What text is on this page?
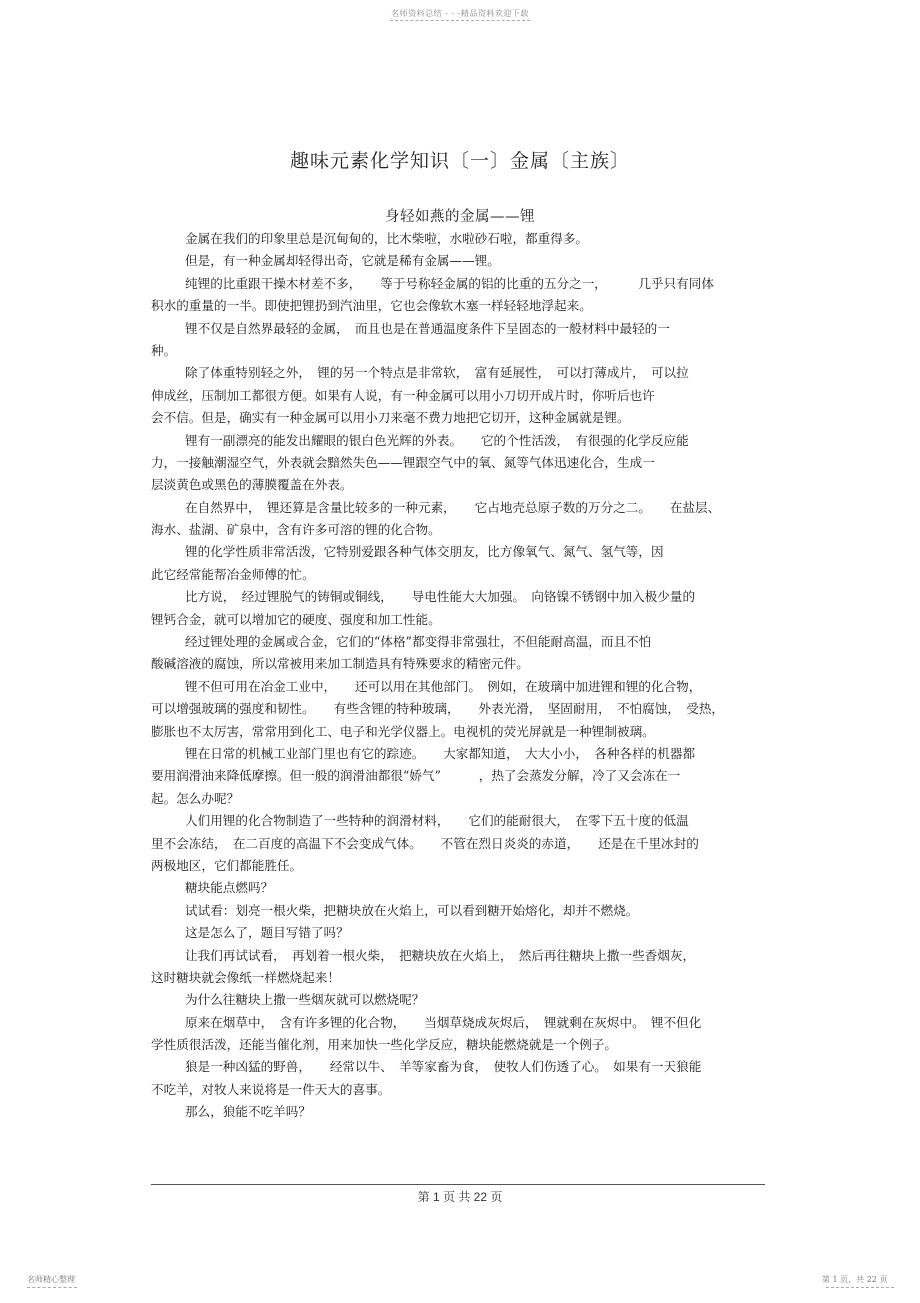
名师资料总结 - - -精品资料欢迎下载
趣味元素化学知识〔一〕金属〔主族〕
身轻如燕的金属——锂
金属在我们的印象里总是沉甸甸的，比木柴啦，水啦砂石啦，都重得多。
但是，有一种金属却轻得出奇，它就是稀有金属——锂。
纯锂的比重跟干操木材差不多，　　等于号称轻金属的铝的比重的五分之一，　　　几乎只有同体
积水的重量的一半。即使把锂扔到汽油里，它也会像软木塞一样轻轻地浮起来。
锂不仅是自然界最轻的金属，　而且也是在普通温度条件下呈固态的一般材料中最轻的一
种。
除了体重特别轻之外，　锂的另一个特点是非常软，　富有延展性，　可以打薄成片，　可以拉
伸成丝，压制加工都很方便。如果有人说，有一种金属可以用小刀切开成片时，你听后也许
会不信。但是，确实有一种金属可以用小刀来毫不费力地把它切开，这种金属就是锂。
锂有一副漂亮的能发出耀眼的银白色光辉的外表。　　它的个性活泼，　有很强的化学反应能
力，一接触潮湿空气，外表就会黯然失色——锂跟空气中的氧、氮等气体迅速化合，生成一
层淡黄色或黑色的薄膜覆盖在外表。
在自然界中，　锂还算是含量比较多的一种元素，　　它占地壳总原子数的万分之二。　　在盐层、
海水、盐湖、矿泉中，含有许多可溶的锂的化合物。
锂的化学性质非常活泼，它特别爱跟各种气体交朋友，比方像氧气、氮气、氢气等，因
此它经常能帮冶金师傅的忙。
比方说，　经过锂脱气的铸铜或铜线，　　导电性能大大加强。　向铬镍不锈钢中加入极少量的
锂钙合金，就可以增加它的硬度、强度和加工性能。
经过锂处理的金属或合金，它们的“体格”都变得非常强壮，不但能耐高温，而且不怕
酸碱溶液的腐蚀，所以常被用来加工制造具有特殊要求的精密元件。
锂不但可用在冶金工业中，　　还可以用在其他部门。　例如，在玻璃中加进锂和锂的化合物，
可以增强玻璃的强度和韧性。　　有些含锂的特种玻璃，　　外表光滑，　坚固耐用，　不怕腐蚀，　受热，
膨胀也不太厉害，常常用到化工、电子和光学仪器上。电视机的荧光屏就是一种锂制被璃。
锂在日常的机械工业部门里也有它的踪迹。　　大家都知道，　大大小小，　各种各样的机器都
要用润滑油来降低摩擦。但一般的润滑油都很“娇气”　　　，热了会蒸发分解，冷了又会冻在一
起。怎么办呢？
人们用锂的化合物制造了一些特种的润滑材料，　　它们的能耐很大，　在零下五十度的低温
里不会冻结，　在二百度的高温下不会变成气体。　　不管在烈日炎炎的赤道，　　还是在千里冰封的
两极地区，它们都能胜任。
糖块能点燃吗？
试试看：划亮一根火柴，把糖块放在火焰上，可以看到糖开始熔化，却并不燃烧。
这是怎么了，题目写错了吗？
让我们再试试看，　再划着一根火柴，　把糖块放在火焰上，　然后再往糖块上撒一些香烟灰，
这时糖块就会像纸一样燃烧起来！
为什么往糖块上撒一些烟灰就可以燃烧呢？
原来在烟草中，　含有许多锂的化合物，　　当烟草烧成灰烬后，　锂就剩在灰烬中。　锂不但化
学性质很活泼，还能当催化剂，用来加快一些化学反应，糖块能燃烧就是一个例子。
狼是一种凶猛的野兽，　　经常以牛、　羊等家畜为食，　使牧人们伤透了心。　如果有一天狼能
不吃羊，对牧人来说将是一件天大的喜事。
那么，狼能不吃羊吗？
第 1 页 共 22 页
名师精心整理	第 1 页，共 22 页
